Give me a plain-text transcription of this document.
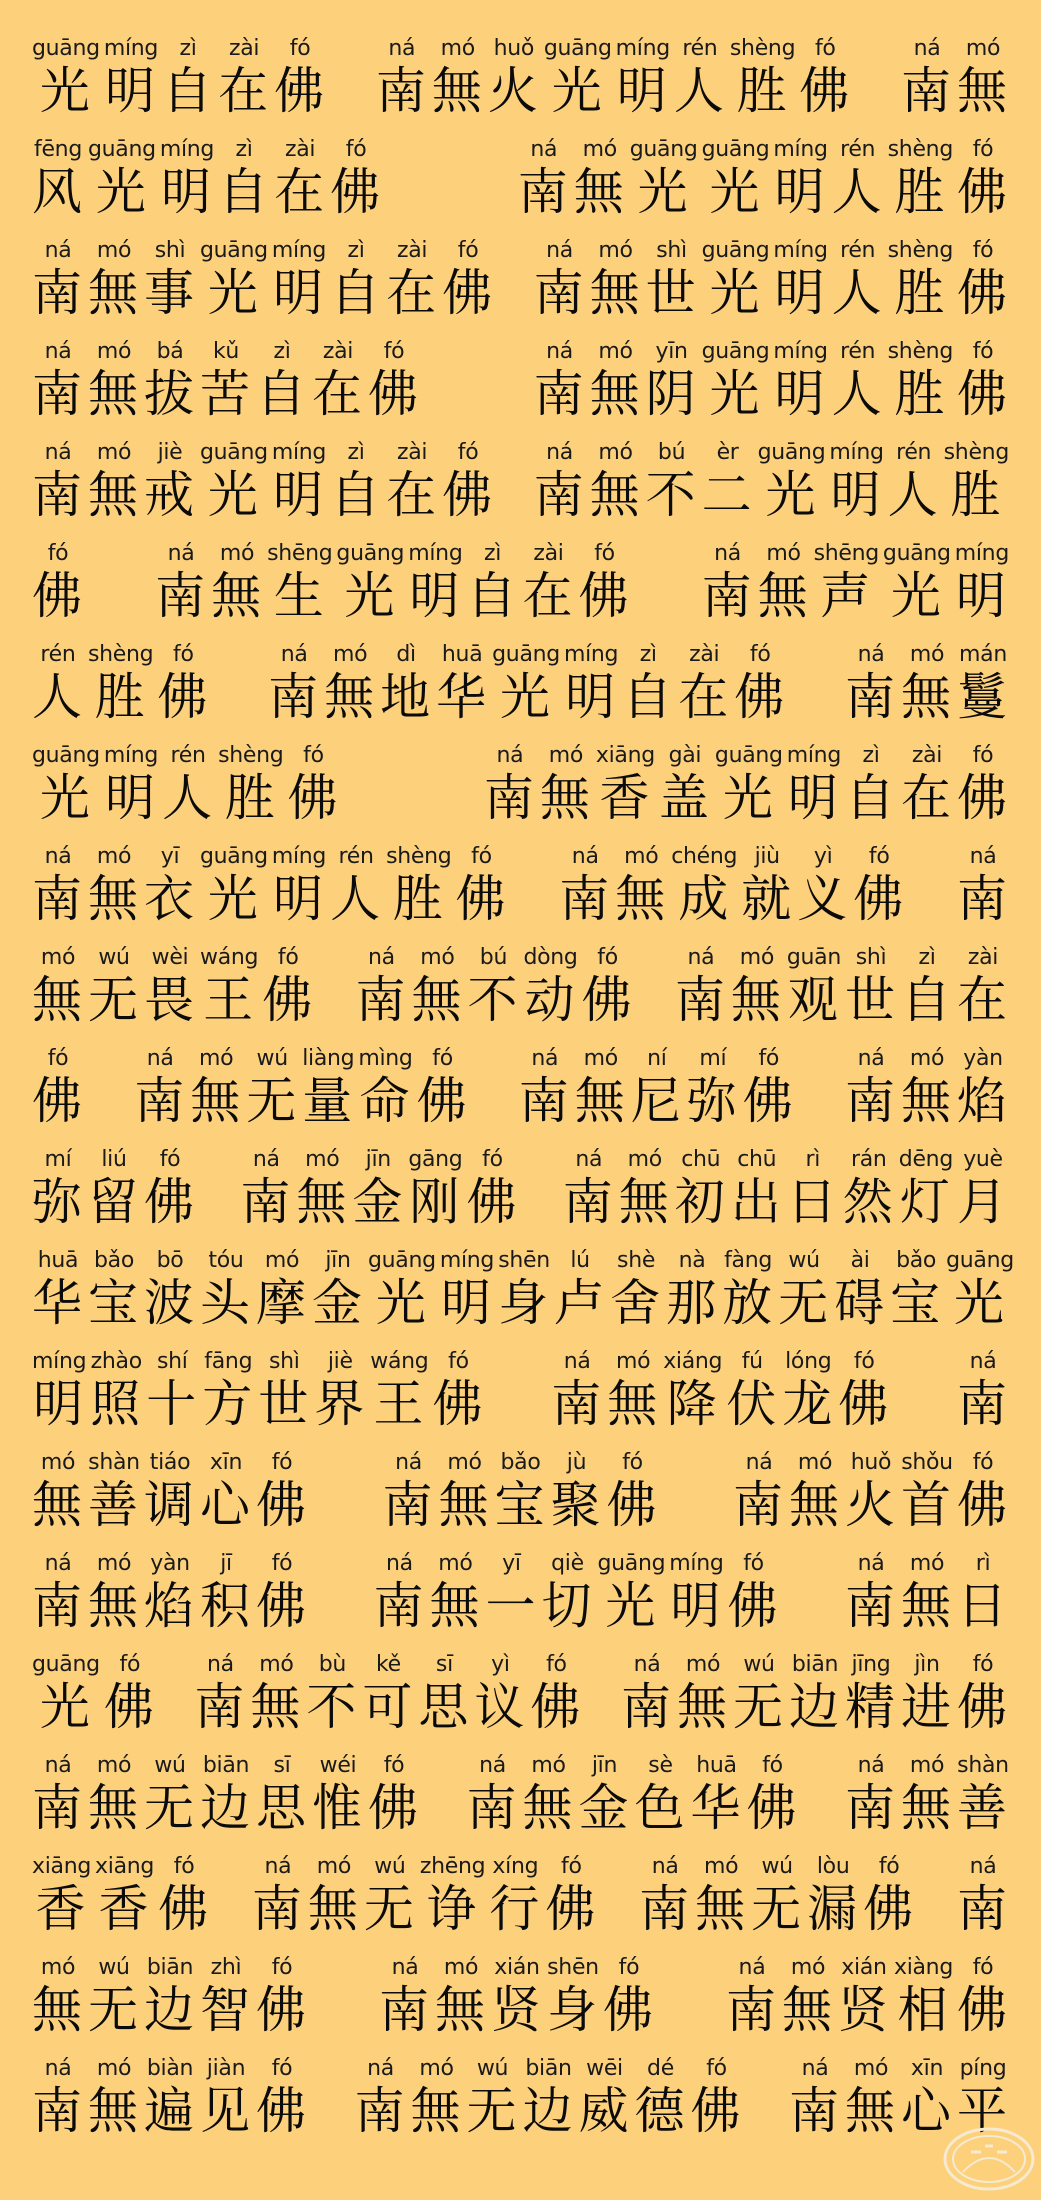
guāng
光
míng
明
zì
自
zài
在
fó
佛
ná
南
mó
無
huǒ
火
guāng
光
míng
明
rén
人
shèng
胜
fó
佛
ná
南
mó
無
fēng
风
guāng
光
míng
明
zì
自
zài
在
fó
佛
ná
南
mó
無
guāng
光
guāng
光
míng
明
rén
人
shèng
胜
fó
佛
ná
南
mó
無
shì
事
guāng
光
míng
明
zì
自
zài
在
fó
佛
ná
南
mó
無
shì
世
guāng
光
míng
明
rén
人
shèng
胜
fó
佛
ná
南
mó
無
bá
拔
kǔ
苦
zì
自
zài
在
fó
佛
ná
南
mó
無
yīn
阴
guāng
光
míng
明
rén
人
shèng
胜
fó
佛
ná
南
mó
無
jiè
戒
guāng
光
míng
明
zì
自
zài
在
fó
佛
ná
南
mó
無
bú
不
èr
二
guāng
光
míng
明
rén
人
shèng
胜
fó
佛
ná
南
mó
無
shēng
生
guāng
光
míng
明
zì
自
zài
在
fó
佛
ná
南
mó
無
shēng
声
guāng
光
míng
明
rén
人
shèng
胜
fó
佛
ná
南
mó
無
dì
地
huā
华
guāng
光
míng
明
zì
自
zài
在
fó
佛
ná
南
mó
無
mán
鬘
guāng
光
míng
明
rén
人
shèng
胜
fó
佛
ná
南
mó
無
xiāng
香
gài
盖
guāng
光
míng
明
zì
自
zài
在
fó
佛
ná
南
mó
無
yī
衣
guāng
光
míng
明
rén
人
shèng
胜
fó
佛
ná
南
mó
無
chéng
成
jiù
就
yì
义
fó
佛
ná
南
mó
無
wú
无
wèi
畏
wáng
王
fó
佛
ná
南
mó
無
bú
不
dòng
动
fó
佛
ná
南
mó
無
guān
观
shì
世
zì
自
zài
在
fó
佛
ná
南
mó
無
wú
无
liàng
量
mìng
命
fó
佛
ná
南
mó
無
ní
尼
mí
弥
fó
佛
ná
南
mó
無
yàn
焰
mí
弥
liú
留
fó
佛
ná
南
mó
無
jīn
金
gāng
刚
fó
佛
ná
南
mó
無
chū
初
chū
出
rì
日
rán
然
dēng
灯
yuè
月
huā
华
bǎo
宝
bō
波
tóu
头
mó
摩
jīn
金
guāng
光
míng
明
shēn
身
lú
卢
shè
舍
nà
那
fàng
放
wú
无
ài
碍
bǎo
宝
guāng
光
míng
明
zhào
照
shí
十
fāng
方
shì
世
jiè
界
wáng
王
fó
佛
ná
南
mó
無
xiáng
降
fú
伏
lóng
龙
fó
佛
ná
南
mó
無
shàn
善
tiáo
调
xīn
心
fó
佛
ná
南
mó
無
bǎo
宝
jù
聚
fó
佛
ná
南
mó
無
huǒ
火
shǒu
首
fó
佛
ná
南
mó
無
yàn
焰
jī
积
fó
佛
ná
南
mó
無
yī
一
qiè
切
guāng
光
míng
明
fó
佛
ná
南
mó
無
rì
日
guāng
光
fó
佛
ná
南
mó
無
bù
不
kě
可
sī
思
yì
议
fó
佛
ná
南
mó
無
wú
无
biān
边
jīng
精
jìn
进
fó
佛
ná
南
mó
無
wú
无
biān
边
sī
思
wéi
惟
fó
佛
ná
南
mó
無
jīn
金
sè
色
huā
华
fó
佛
ná
南
mó
無
shàn
善
xiāng
香
xiāng
香
fó
佛
ná
南
mó
無
wú
无
zhēng
诤
xíng
行
fó
佛
ná
南
mó
無
wú
无
lòu
漏
fó
佛
ná
南
mó
無
wú
无
biān
边
zhì
智
fó
佛
ná
南
mó
無
xián
贤
shēn
身
fó
佛
ná
南
mó
無
xián
贤
xiàng
相
fó
佛
ná
南
mó
無
biàn
遍
jiàn
见
fó
佛
ná
南
mó
無
wú
无
biān
边
wēi
威
dé
德
fó
佛
ná
南
mó
無
xīn
心
píng
平
